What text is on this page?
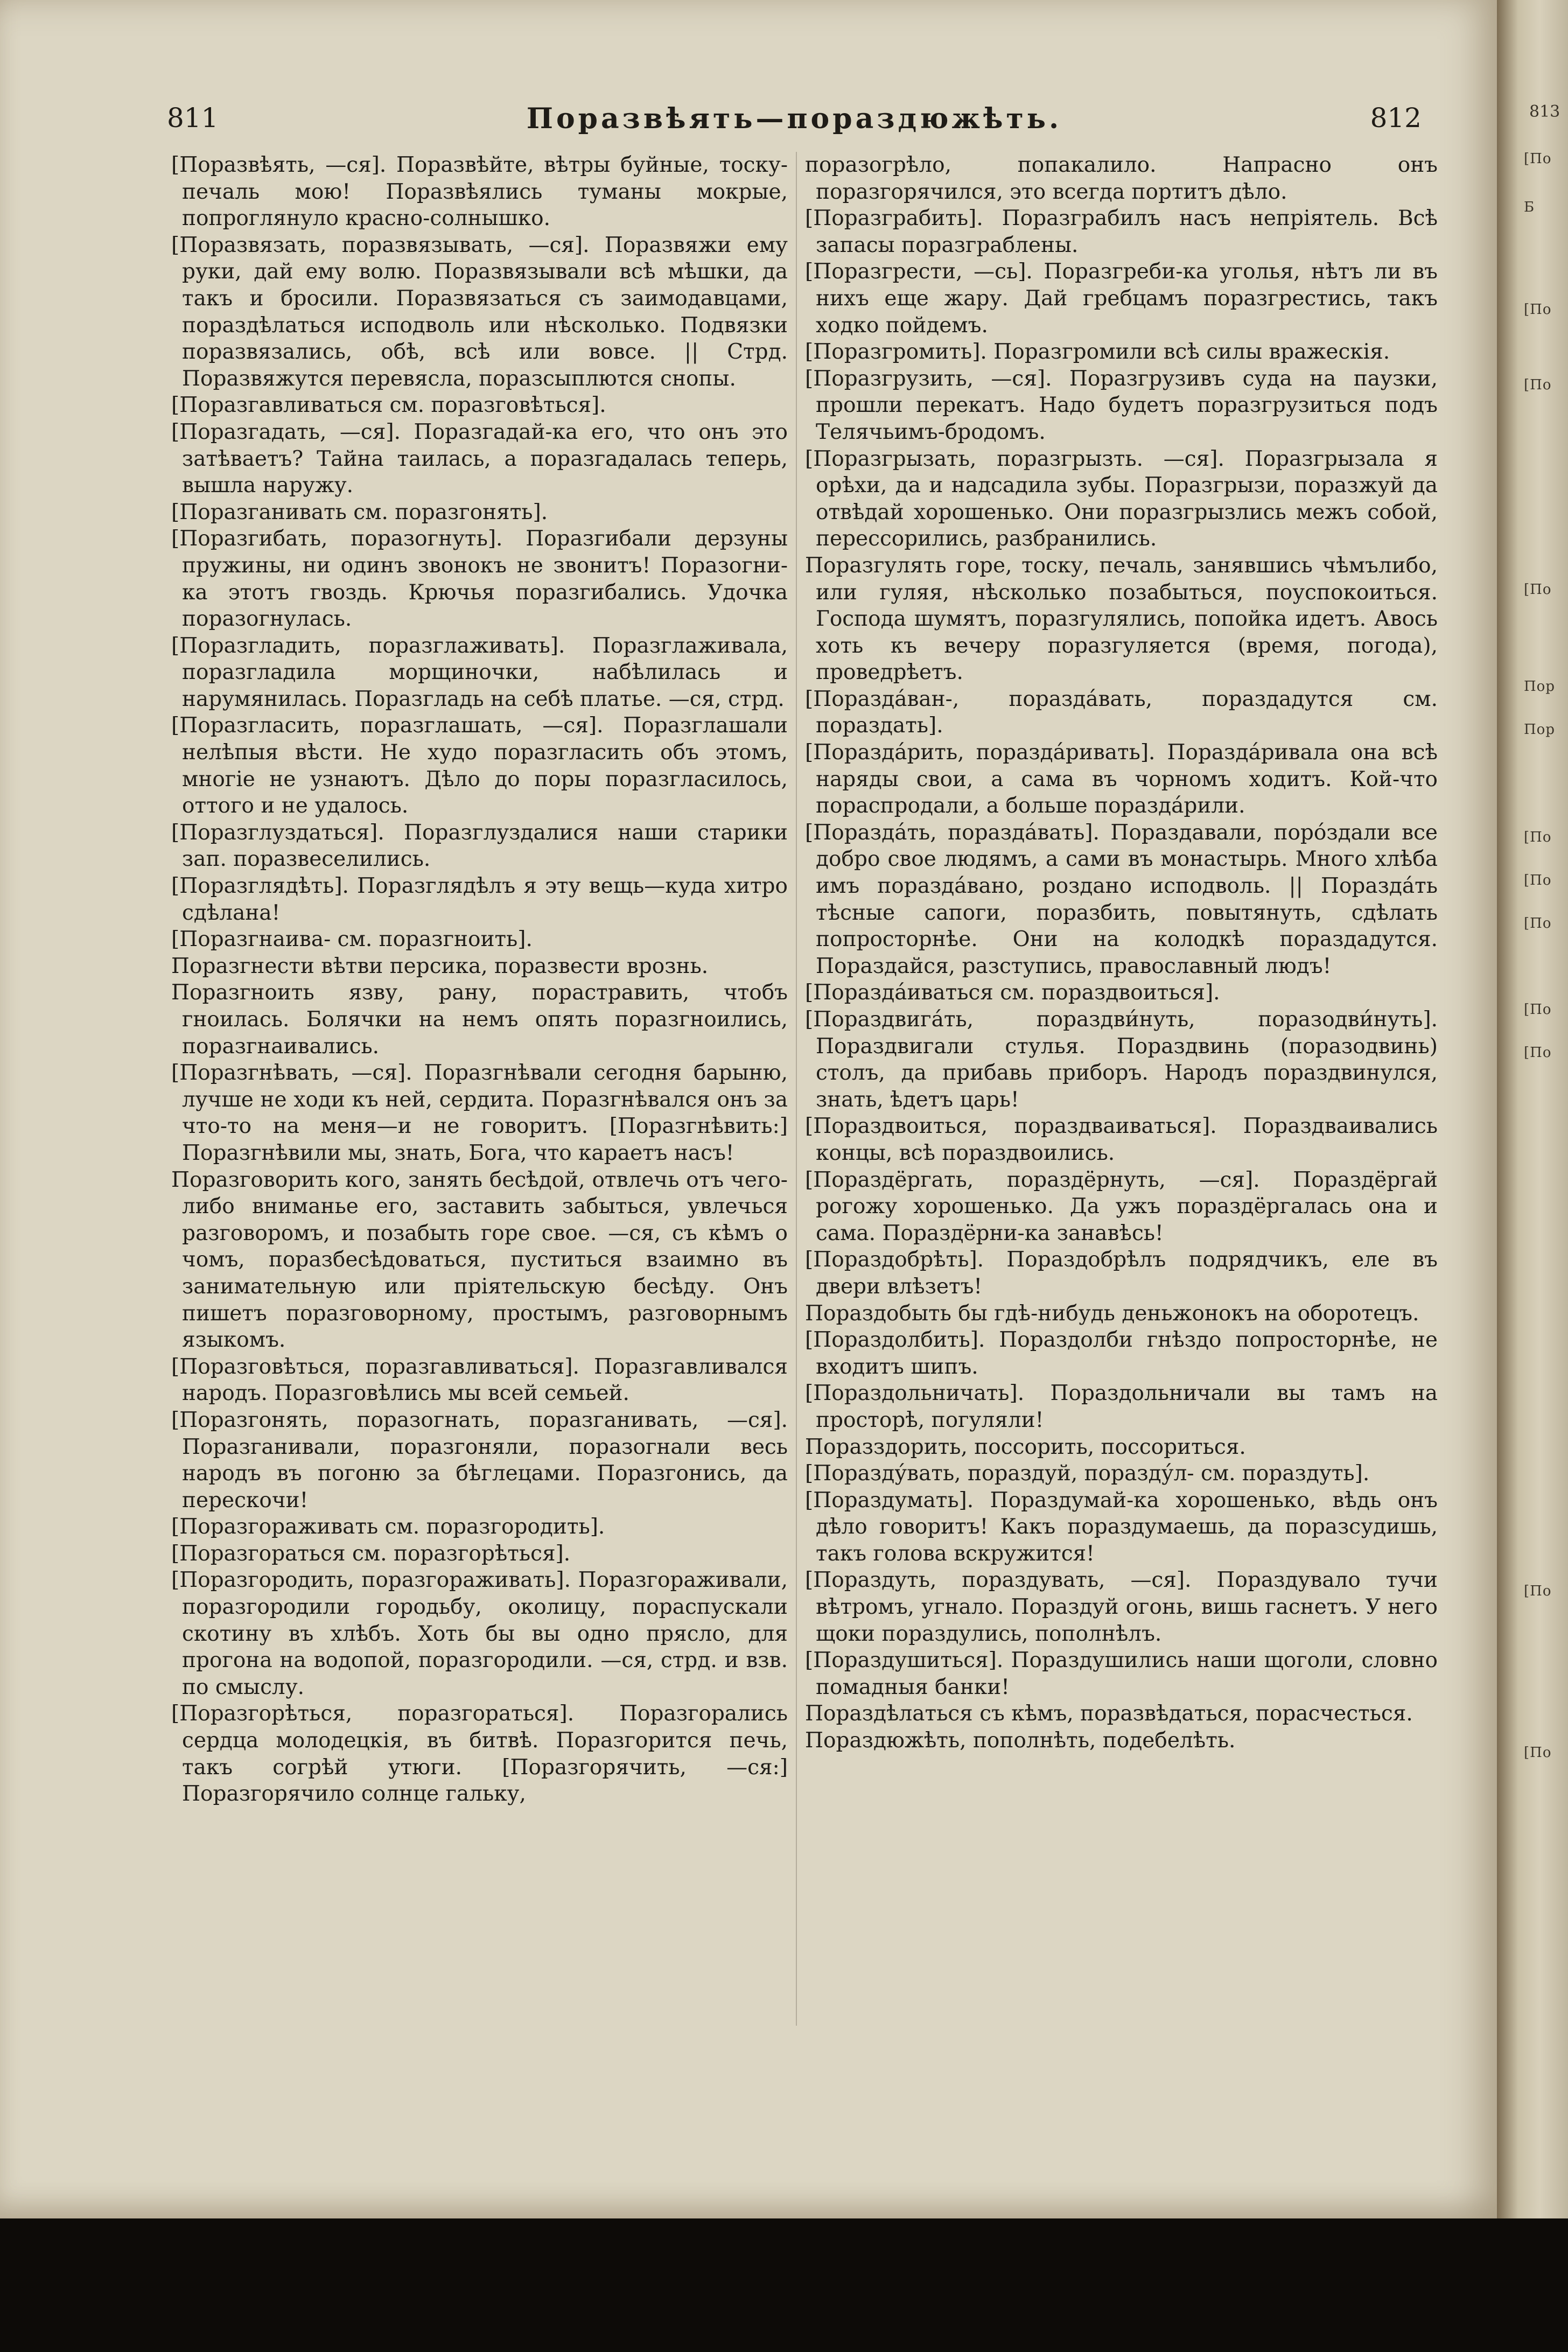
811	Поразвѣять—пораздюжѣть.	812

[Поразвѣять, —ся]. Поразвѣйте, вѣтры буйные, тоску-печаль мою! Поразвѣялись туманы мокрые, попроглянуло красно-солнышко.

[Поразвязать, поразвязывать, —ся]. Поразвяжи ему руки, дай ему волю. Поразвязывали всѣ мѣшки, да такъ и бросили. Поразвязаться съ заимодавцами, пораздѣлаться исподволь или нѣсколько. Подвязки поразвязались, обѣ, всѣ или вовсе. || Стрд. Поразвяжутся перевясла, поразсыплются снопы.

[Поразгавливаться см. поразговѣться].

[Поразгадать, —ся]. Поразгадай-ка его, что онъ это затѣваетъ? Тайна таилась, а поразгадалась теперь, вышла наружу.

[Поразганивать см. поразгонять].

[Поразгибать, поразогнуть]. Поразгибали дерзуны пружины, ни одинъ звонокъ не звонитъ! Поразогни-ка этотъ гвоздь. Крючья поразгибались. Удочка поразогнулась.

[Поразгладить, поразглаживать]. Поразглаживала, поразгладила морщиночки, набѣлилась и нарумянилась. Поразгладь на себѣ платье. —ся, стрд.

[Поразгласить, поразглашать, —ся]. Поразглашали нелѣпыя вѣсти. Не худо поразгласить объ этомъ, многіе не узнаютъ. Дѣло до поры поразгласилось, оттого и не удалось.

[Поразглуздаться]. Поразглуздалися наши старики зап. поразвеселились.

[Поразглядѣть]. Поразглядѣлъ я эту вещь—куда хитро сдѣлана!

[Поразгнаива- см. поразгноить].

Поразгнести вѣтви персика, поразвести врознь.

Поразгноить язву, рану, порастравить, чтобъ гноилась. Болячки на немъ опять поразгноились, поразгнаивались.

[Поразгнѣвать, —ся]. Поразгнѣвали сегодня барыню, лучше не ходи къ ней, сердита. Поразгнѣвался онъ за что-то на меня—и не говоритъ. [Поразгнѣвить:] Поразгнѣвили мы, знать, Бога, что караетъ насъ!

Поразговорить кого, занять бесѣдой, отвлечь отъ чего-либо вниманье его, заставить забыться, увлечься разговоромъ, и позабыть горе свое. —ся, съ кѣмъ о чомъ, поразбесѣдоваться, пуститься взаимно въ занимательную или пріятельскую бесѣду. Онъ пишетъ поразговорному, простымъ, разговорнымъ языкомъ.

[Поразговѣться, поразгавливаться]. Поразгавливался народъ. Поразговѣлись мы всей семьей.

[Поразгонять, поразогнать, поразганивать, —ся]. Поразганивали, поразгоняли, поразогнали весь народъ въ погоню за бѣглецами. Поразгонись, да перескочи!

[Поразгораживать см. поразгородить].

[Поразгораться см. поразгорѣться].

[Поразгородить, поразгораживать]. Поразгораживали, поразгородили городьбу, околицу, пораспускали скотину въ хлѣбъ. Хоть бы вы одно прясло, для прогона на водопой, поразгородили. —ся, стрд. и взв. по смыслу.

[Поразгорѣться, поразгораться]. Поразгорались сердца молодецкія, въ битвѣ. Поразгорится печь, такъ согрѣй утюги. [Поразгорячить, —ся:] Поразгорячило солнце гальку,

поразогрѣло, попакалило. Напрасно онъ поразгорячился, это всегда портитъ дѣло.

[Поразграбить]. Поразграбилъ насъ непріятель. Всѣ запасы поразграблены.

[Поразгрести, —сь]. Поразгреби-ка уголья, нѣтъ ли въ нихъ еще жару. Дай гребцамъ поразгрестись, такъ ходко пойдемъ.

[Поразгромить]. Поразгромили всѣ силы вражескія.

[Поразгрузить, —ся]. Поразгрузивъ суда на паузки, прошли перекатъ. Надо будетъ поразгрузиться подъ Телячьимъ-бродомъ.

[Поразгрызать, поразгрызть. —ся]. Поразгрызала я орѣхи, да и надсадила зубы. Поразгрызи, поразжуй да отвѣдай хорошенько. Они поразгрызлись межъ собой, перессорились, разбранились.

Поразгулять горе, тоску, печаль, занявшись чѣмълибо, или гуляя, нѣсколько позабыться, поуспокоиться. Господа шумятъ, поразгулялись, попойка идетъ. Авось хоть къ вечеру поразгуляется (время, погода), проведрѣетъ.

[Поразда́ван-, поразда́вать, пораздадутся см. пораздать].

[Поразда́рить, поразда́ривать]. Поразда́ривала она всѣ наряды свои, а сама въ чорномъ ходитъ. Кой-что пораспродали, а больше поразда́рили.

[Поразда́ть, поразда́вать]. Пораздавали, порóздали все добро свое людямъ, а сами въ монастырь. Много хлѣба имъ пораздáвано, роздано исподволь. || Пораздáть тѣсные сапоги, поразбить, повытянуть, сдѣлать попросторнѣе. Они на колодкѣ пораздадутся. Пораздайся, разступись, православный людъ!

[Поразда́иваться см. пораздвоиться].

[Пораздвига́ть, пораздви́нуть, поразодви́нуть]. Пораздвигали стулья. Пораздвинь (поразодвинь) столъ, да прибавь приборъ. Народъ пораздвинулся, знать, ѣдетъ царь!

[Пораздвоиться, пораздваиваться]. Пораздваивались концы, всѣ пораздвоились.

[Пораздёргать, пораздёрнуть, —ся]. Пораздёргай рогожу хорошенько. Да ужъ пораздёргалась она и сама. Пораздёрни-ка занавѣсь!

[Пораздобрѣть]. Пораздобрѣлъ подрядчикъ, еле въ двери влѣзетъ!

Пораздобыть бы гдѣ-нибудь деньжонокъ на оборотецъ.

[Пораздолбить]. Пораздолби гнѣздо попросторнѣе, не входитъ шипъ.

[Пораздольничать]. Пораздольничали вы тамъ на просторѣ, погуляли!

Поразздорить, поссорить, поссориться.

[Поразду́вать, пораздуй, поразду́л- см. пораздуть].

[Пораздумать]. Пораздумай-ка хорошенько, вѣдь онъ дѣло говоритъ! Какъ пораздумаешь, да поразсудишь, такъ голова вскружится!

[Пораздуть, пораздувать, —ся]. Пораздувало тучи вѣтромъ, угнало. Пораздуй огонь, вишь гаснетъ. У него щоки пораздулись, пополнѣлъ.

[Пораздушиться]. Пораздушились наши щоголи, словно помадныя банки!

Пораздѣлаться съ кѣмъ, поразвѣдаться, порасчесться.

Пораздюжѣть, пополнѣть, подебелѣть.

813
[По
Б
[По
[По
[По
Пор
Пор
[По
[По
[По
[По
[По
[По
[По
